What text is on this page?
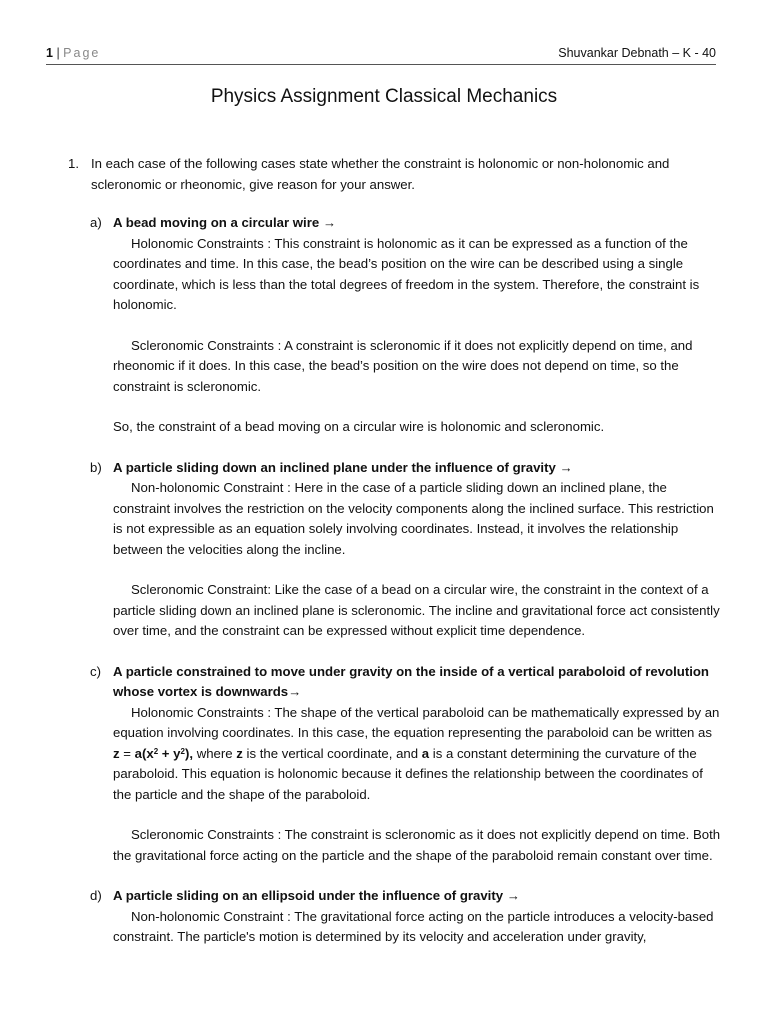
1 | Page	Shuvankar Debnath – K - 40
Physics Assignment Classical Mechanics
1. In each case of the following cases state whether the constraint is holonomic or non-holonomic and scleronomic or rheonomic, give reason for your answer.
a) A bead moving on a circular wire →

Holonomic Constraints : This constraint is holonomic as it can be expressed as a function of the coordinates and time. In this case, the bead’s position on the wire can be described using a single coordinate, which is less than the total degrees of freedom in the system. Therefore, the constraint is holonomic.

Scleronomic Constraints : A constraint is scleronomic if it does not explicitly depend on time, and rheonomic if it does. In this case, the bead’s position on the wire does not depend on time, so the constraint is scleronomic.

So, the constraint of a bead moving on a circular wire is holonomic and scleronomic.

b) A particle sliding down an inclined plane under the influence of gravity →

Non-holonomic Constraint : Here in the case of a particle sliding down an inclined plane, the constraint involves the restriction on the velocity components along the inclined surface. This restriction is not expressible as an equation solely involving coordinates. Instead, it involves the relationship between the velocities along the incline.

Scleronomic Constraint: Like the case of a bead on a circular wire, the constraint in the context of a particle sliding down an inclined plane is scleronomic. The incline and gravitational force act consistently over time, and the constraint can be expressed without explicit time dependence.

c) A particle constrained to move under gravity on the inside of a vertical paraboloid of revolution whose vortex is downwards→

Holonomic Constraints : The shape of the vertical paraboloid can be mathematically expressed by an equation involving coordinates. In this case, the equation representing the paraboloid can be written as $z = a(x^2 + y^2)$, where z is the vertical coordinate, and a is a constant determining the curvature of the paraboloid. This equation is holonomic because it defines the relationship between the coordinates of the particle and the shape of the paraboloid.

Scleronomic Constraints : The constraint is scleronomic as it does not explicitly depend on time. Both the gravitational force acting on the particle and the shape of the paraboloid remain constant over time.

d) A particle sliding on an ellipsoid under the influence of gravity →

Non-holonomic Constraint : The gravitational force acting on the particle introduces a velocity-based constraint. The particle's motion is determined by its velocity and acceleration under gravity,
